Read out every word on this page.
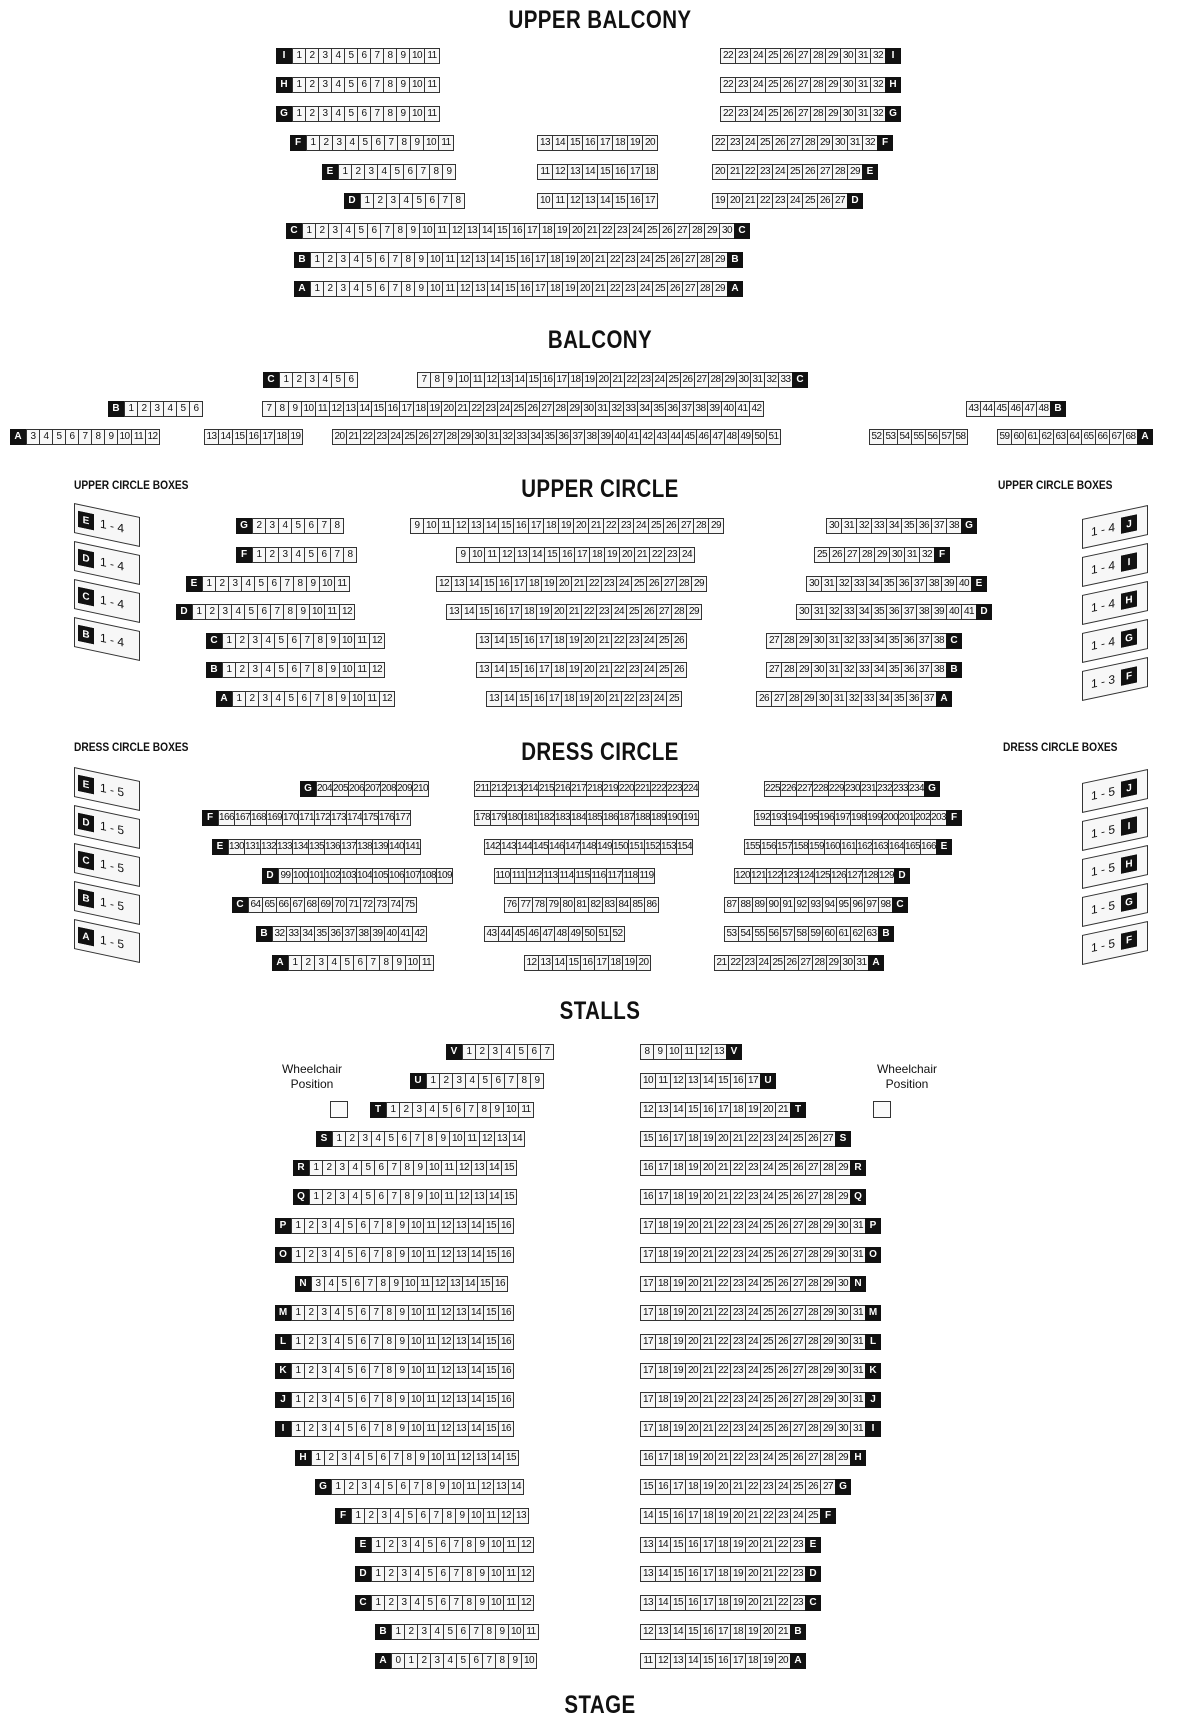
UPPER BALCONY
BALCONY
UPPER CIRCLE
DRESS CIRCLE
STALLS
STAGE
UPPER CIRCLE BOXES	UPPER CIRCLE BOXES
DRESS CIRCLE BOXES	DRESS CIRCLE BOXES
E 1 - 4
D 1 - 4
C 1 - 4
B 1 - 4
J
1 - 4
I
1 - 4
H
1 - 4
G
1 - 4
F
1 - 3
E 1 - 5
D 1 - 5
C 1 - 5
B 1 - 5
A 1 - 5
J
1 - 5
I
1 - 5
H
1 - 5
G
1 - 5
F
1 - 5
Wheelchair
Position
Wheelchair
Position
I	1 2 3 4 5 6 7 8 9 10 11	22 23 24 25 26 27 28 29 30 31 32 I
H 1 2 3 4 5 6 7 8 9 10 11	22 23 24 25 26 27 28 29 30 31 32 H
G 1 2 3 4 5 6 7 8 9 10 11	22 23 24 25 26 27 28 29 30 31 32 G
F 1 2 3 4 5 6 7 8 9 10 11	13 14 15 16 17 18 19 20	22 23 24 25 26 27 28 29 30 31 32 F
E 1 2 3 4 5 6 7 8 9	11 12 13 14 15 16 17 18	20 21 22 23 24 25 26 27 28 29 E
D 1 2 3 4 5 6 7 8	10 11 12 13 14 15 16 17	19 20 21 22 23 24 25 26 27 D
C 1 2 3 4 5 6 7 8 9 10 11 12 13 14 15 16 17 18 19 20 21 22 23 24 25 26 27 28 29 30 C
B 1 2 3 4 5 6 7 8 9 10 11 12 13 14 15 16 17 18 19 20 21 22 23 24 25 26 27 28 29 B
A 1 2 3 4 5 6 7 8 9 10 11 12 13 14 15 16 17 18 19 20 21 22 23 24 25 26 27 28 29 A
C 1 2 3 4 5 6	7 8 9 10 11 12 13 14 15 16 17 18 19 20 21 22 23 24 25 26 27 28 29 30 31 32 33 C
B 1 2 3 4 5 6	7 8 9 10 11 12 13 14 15 16 17 18 19 20 21 22 23 24 25 26 27 28 29 30 31 32 33 34 35 36 37 38 39 40 41 42	43 44 45 46 47 48 B
A 3 4 5 6 7 8 9 10 11 12	13 14 15 16 17 18 19	20 21 22 23 24 25 26 27 28 29 30 31 32 33 34 35 36 37 38 39 40 41 42 43 44 45 46 47 48 49 50 51	52 53 54 55 56 57 58	59 60 61 62 63 64 65 66 67 68 A
G 2 3 4 5 6 7 8	9 10 11 12 13 14 15 16 17 18 19 20 21 22 23 24 25 26 27 28 29	30 31 32 33 34 35 36 37 38 G
F 1 2 3 4 5 6 7 8	9 10 11 12 13 14 15 16 17 18 19 20 21 22 23 24	25 26 27 28 29 30 31 32 F
E 1 2 3 4 5 6 7 8 9 10 11	12 13 14 15 16 17 18 19 20 21 22 23 24 25 26 27 28 29	30 31 32 33 34 35 36 37 38 39 40 E
D 1 2 3 4 5 6 7 8 9 10 11 12	13 14 15 16 17 18 19 20 21 22 23 24 25 26 27 28 29	30 31 32 33 34 35 36 37 38 39 40 41 D
C 1 2 3 4 5 6 7 8 9 10 11 12	13 14 15 16 17 18 19 20 21 22 23 24 25 26	27 28 29 30 31 32 33 34 35 36 37 38 C
B 1 2 3 4 5 6 7 8 9 10 11 12	13 14 15 16 17 18 19 20 21 22 23 24 25 26	27 28 29 30 31 32 33 34 35 36 37 38 B
A 1 2 3 4 5 6 7 8 9 10 11 12	13 14 15 16 17 18 19 20 21 22 23 24 25	26 27 28 29 30 31 32 33 34 35 36 37 A
G 204 205 206 207 208 209 210	211 212 213 214 215 216 217 218 219 220 221 222 223 224	225 226 227 228 229 230 231 232 233 234 G
F 166 167 168 169 170 171 172 173 174 175 176 177	178 179 180 181 182 183 184 185 186 187 188 189 190 191	192 193 194 195 196 197 198 199 200 201 202 203 F
E 130 131 132 133 134 135 136 137 138 139 140 141	142 143 144 145 146 147 148 149 150 151 152 153 154	155 156 157 158 159 160 161 162 163 164 165 166 E
D 99 100 101 102 103 104 105 106 107 108 109	110 111 112 113 114 115 116 117 118 119	120 121 122 123 124 125 126 127 128 129 D
C 64 65 66 67 68 69 70 71 72 73 74 75	76 77 78 79 80 81 82 83 84 85 86	87 88 89 90 91 92 93 94 95 96 97 98 C
B 32 33 34 35 36 37 38 39 40 41 42	43 44 45 46 47 48 49 50 51 52	53 54 55 56 57 58 59 60 61 62 63 B
A 1 2 3 4 5 6 7 8 9 10 11	12 13 14 15 16 17 18 19 20	21 22 23 24 25 26 27 28 29 30 31 A
V 1 2 3 4 5 6 7	8 9 10 11 12 13 V
U 1 2 3 4 5 6 7 8 9	10 11 12 13 14 15 16 17 U
T 1 2 3 4 5 6 7 8 9 10 11	12 13 14 15 16 17 18 19 20 21 T
S 1 2 3 4 5 6 7 8 9 10 11 12 13 14	15 16 17 18 19 20 21 22 23 24 25 26 27 S
R 1 2 3 4 5 6 7 8 9 10 11 12 13 14 15	16 17 18 19 20 21 22 23 24 25 26 27 28 29 R
Q 1 2 3 4 5 6 7 8 9 10 11 12 13 14 15	16 17 18 19 20 21 22 23 24 25 26 27 28 29 Q
P 1 2 3 4 5 6 7 8 9 10 11 12 13 14 15 16	17 18 19 20 21 22 23 24 25 26 27 28 29 30 31 P
O 1 2 3 4 5 6 7 8 9 10 11 12 13 14 15 16	17 18 19 20 21 22 23 24 25 26 27 28 29 30 31 O
N 3 4 5 6 7 8 9 10 11 12 13 14 15 16	17 18 19 20 21 22 23 24 25 26 27 28 29 30 N
M 1 2 3 4 5 6 7 8 9 10 11 12 13 14 15 16	17 18 19 20 21 22 23 24 25 26 27 28 29 30 31 M
L 1 2 3 4 5 6 7 8 9 10 11 12 13 14 15 16	17 18 19 20 21 22 23 24 25 26 27 28 29 30 31 L
K 1 2 3 4 5 6 7 8 9 10 11 12 13 14 15 16	17 18 19 20 21 22 23 24 25 26 27 28 29 30 31 K
J 1 2 3 4 5 6 7 8 9 10 11 12 13 14 15 16	17 18 19 20 21 22 23 24 25 26 27 28 29 30 31 J
I	1 2 3 4 5 6 7 8 9 10 11 12 13 14 15 16	17 18 19 20 21 22 23 24 25 26 27 28 29 30 31 I
H 1 2 3 4 5 6 7 8 9 10 11 12 13 14 15	16 17 18 19 20 21 22 23 24 25 26 27 28 29 H
G 1 2 3 4 5 6 7 8 9 10 11 12 13 14	15 16 17 18 19 20 21 22 23 24 25 26 27 G
F 1 2 3 4 5 6 7 8 9 10 11 12 13	14 15 16 17 18 19 20 21 22 23 24 25 F
E 1 2 3 4 5 6 7 8 9 10 11 12	13 14 15 16 17 18 19 20 21 22 23 E
D 1 2 3 4 5 6 7 8 9 10 11 12	13 14 15 16 17 18 19 20 21 22 23 D
C 1 2 3 4 5 6 7 8 9 10 11 12	13 14 15 16 17 18 19 20 21 22 23 C
B 1 2 3 4 5 6 7 8 9 10 11	12 13 14 15 16 17 18 19 20 21 B
A 0 1 2 3 4 5 6 7 8 9 10	11 12 13 14 15 16 17 18 19 20 A
